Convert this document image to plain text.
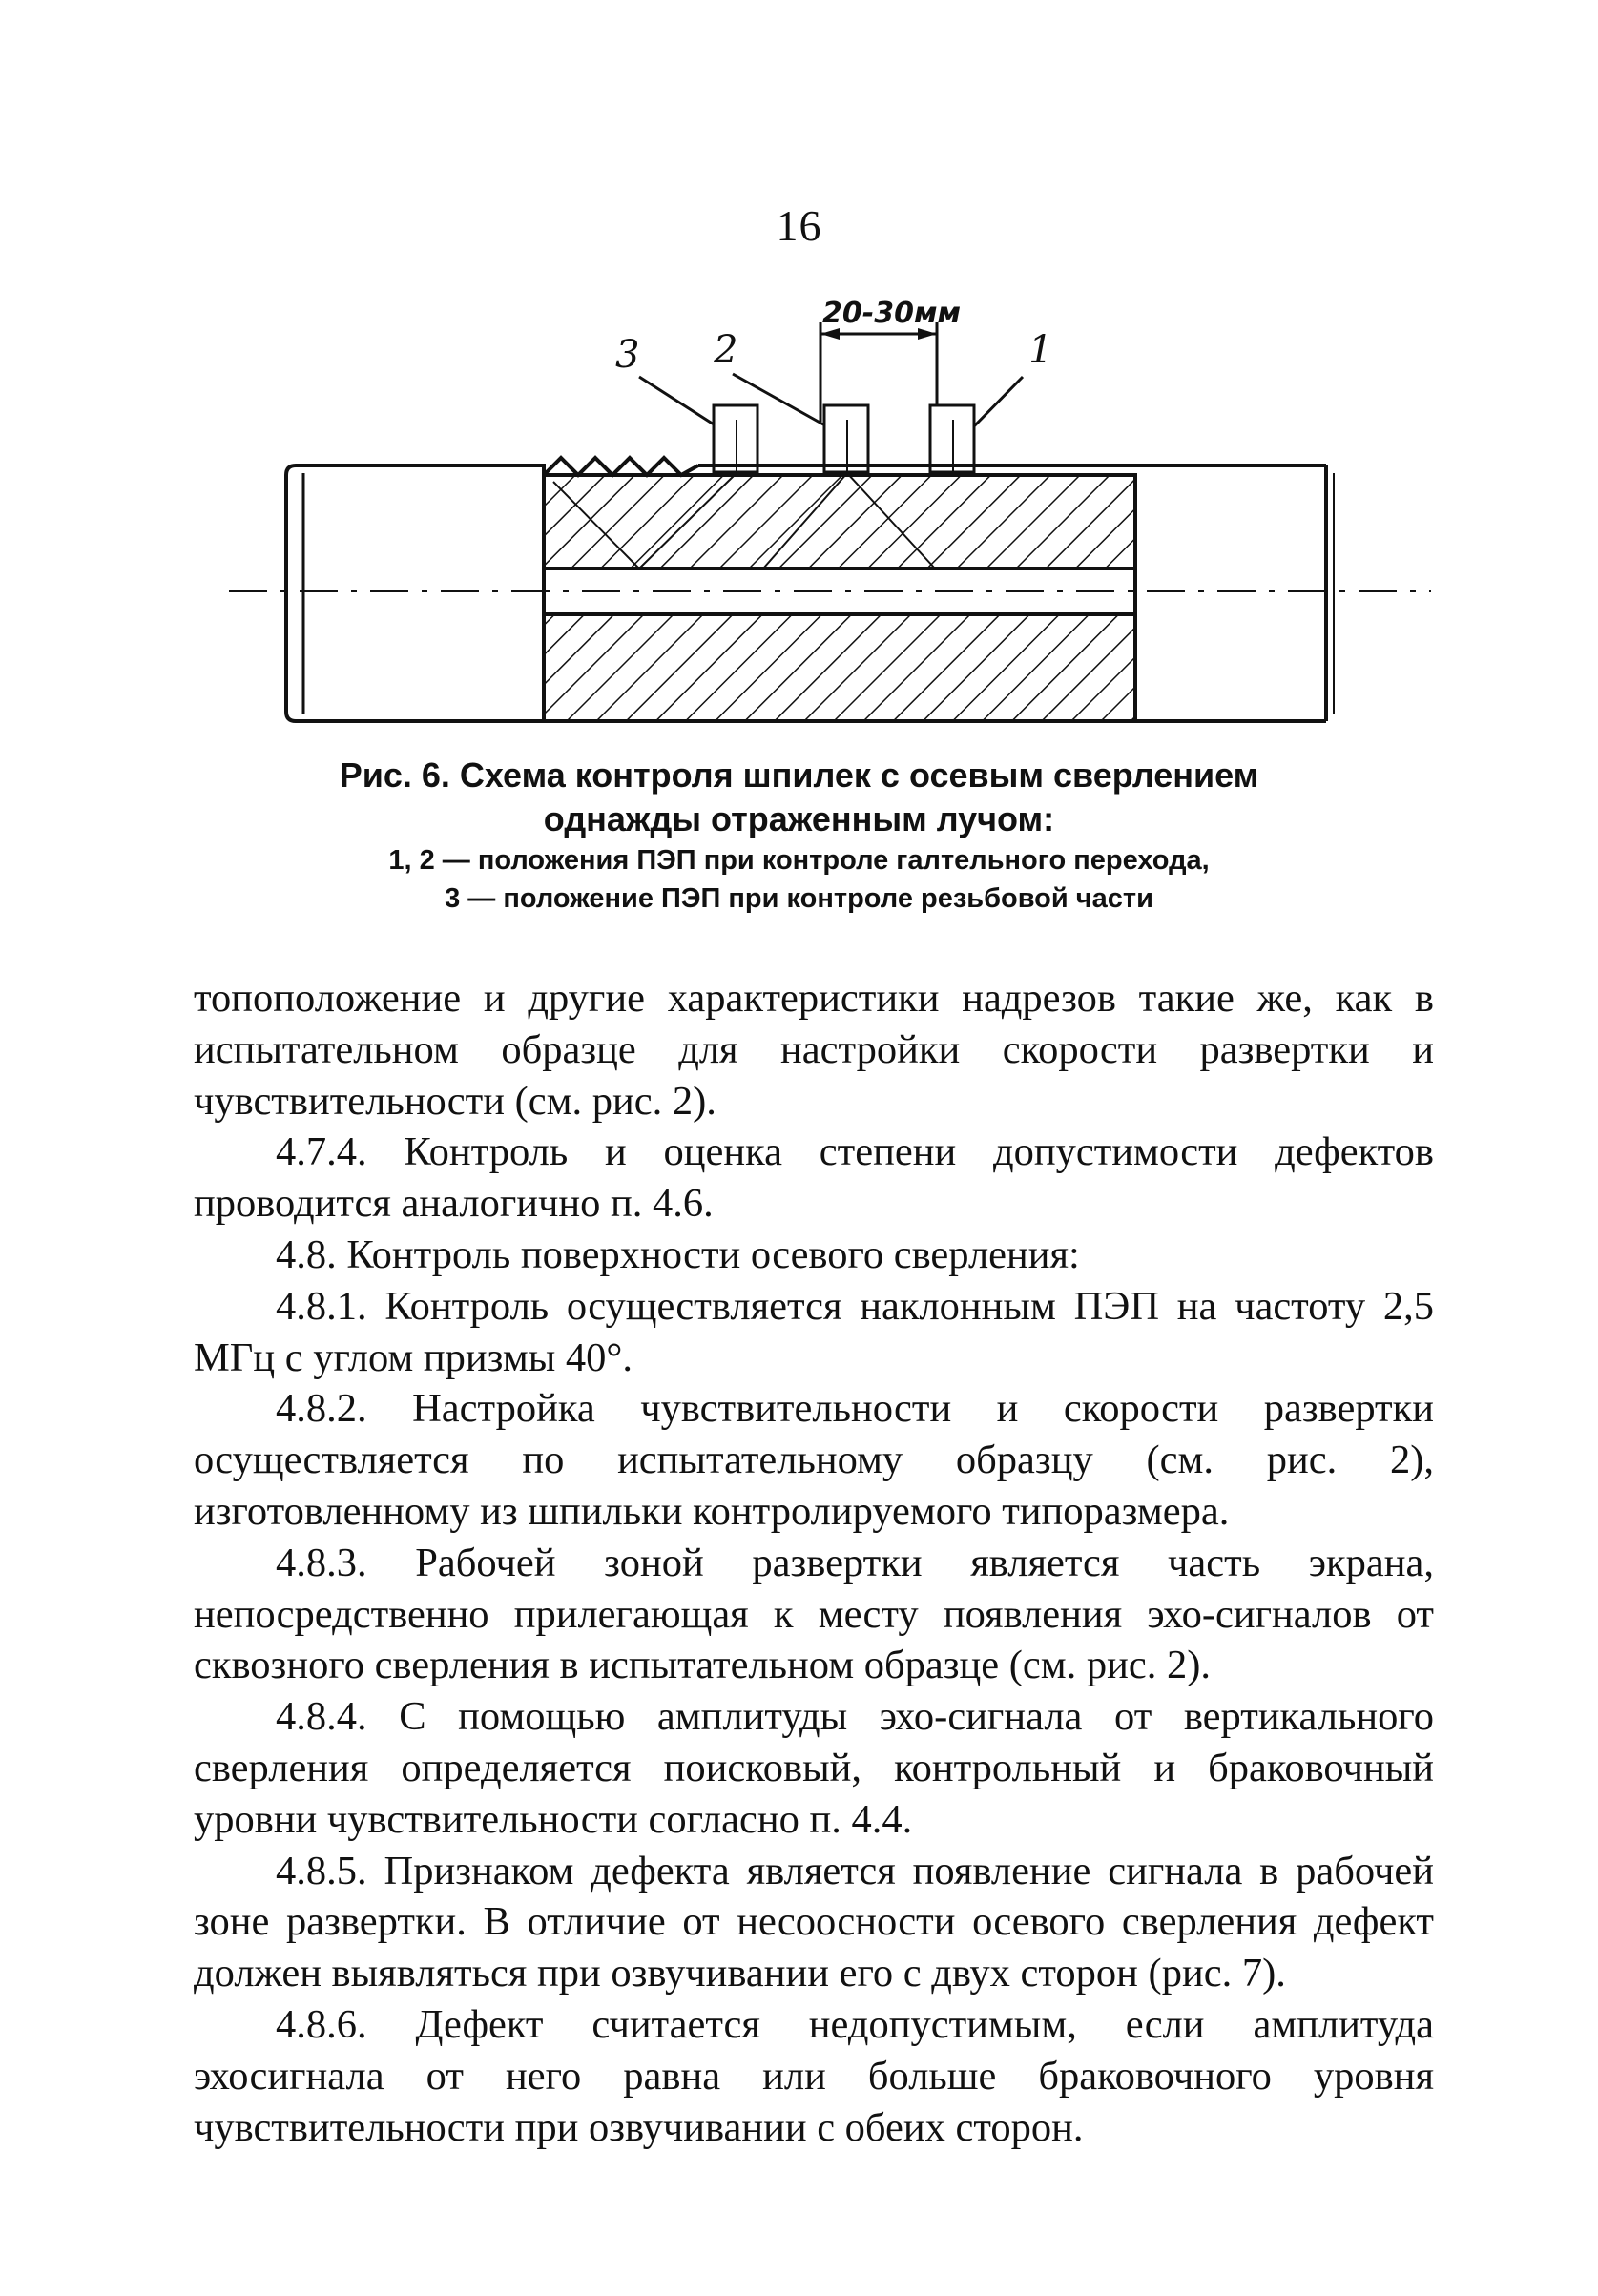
16
20-30мм
3 2	1

Рис. 6. Схема контроля шпилек с осевым сверлением

однажды отраженным лучом:

1, 2 — положения ПЭП при контроле галтельного перехода,

3 — положение ПЭП при контроле резьбовой части

топоположение и другие характеристики надрезов такие же, как в испытательном образце для настройки скорости развертки и чувствительности (см. рис. 2).

4.7.4. Контроль и оценка степени допустимости дефектов проводится аналогично п. 4.6.

4.8. Контроль поверхности осевого сверления:

4.8.1. Контроль осуществляется наклонным ПЭП на частоту 2,5 МГц с углом призмы 40°.

4.8.2. Настройка чувствительности и скорости развертки осуществляется по испытательному образцу (см. рис. 2), изготовленному из шпильки контролируемого типоразмера.

4.8.3. Рабочей зоной развертки является часть экрана, непосредственно прилегающая к месту появления эхо-сигналов от сквозного сверления в испытательном образце (см. рис. 2).

4.8.4. С помощью амплитуды эхо-сигнала от вертикального сверления определяется поисковый, контрольный и браковочный уровни чувствительности согласно п. 4.4.

4.8.5. Признаком дефекта является появление сигнала в рабочей зоне развертки. В отличие от несоосности осевого сверления дефект должен выявляться при озвучивании его с двух сторон (рис. 7).

4.8.6. Дефект считается недопустимым, если амплитуда эхосигнала от него равна или больше браковочного уровня чувствительности при озвучивании с обеих сторон.
